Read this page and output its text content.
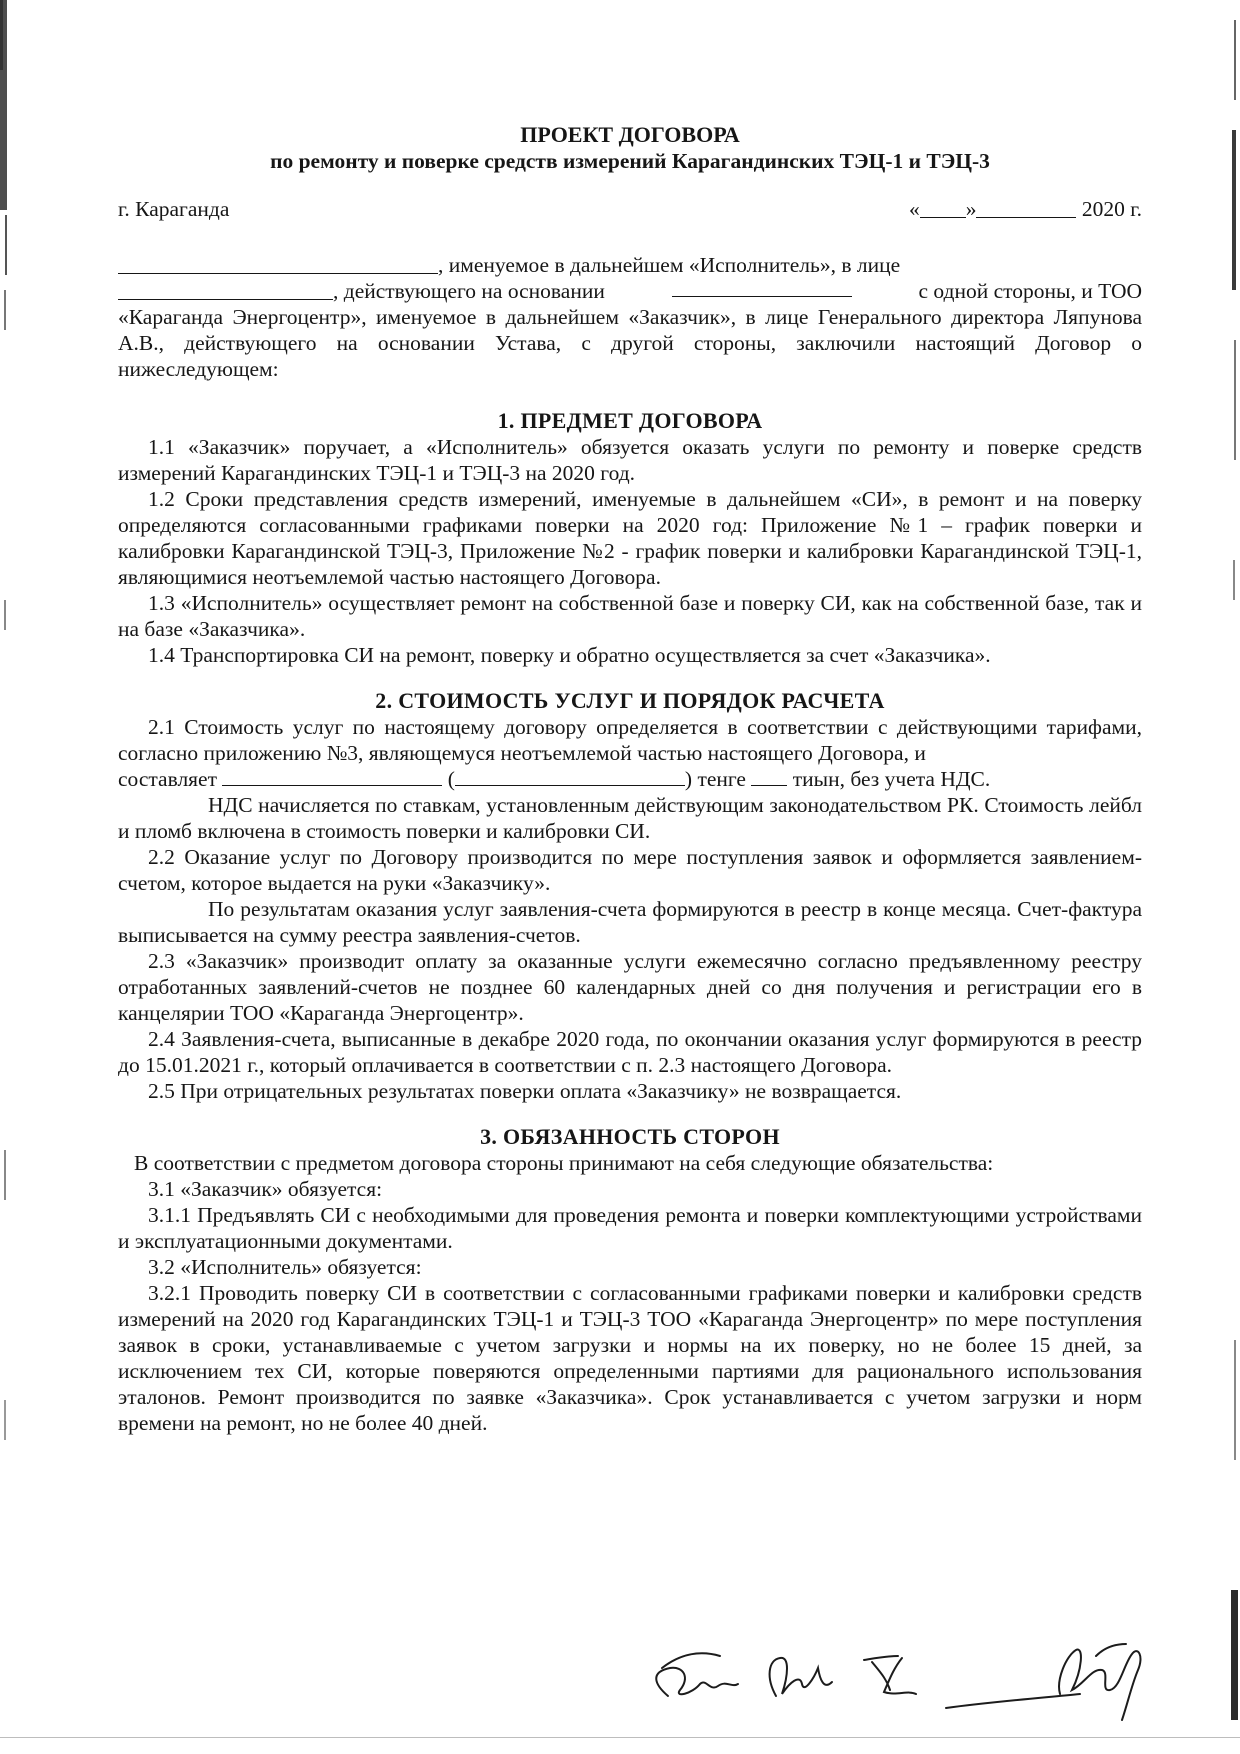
ПРОЕКТ ДОГОВОРА
по ремонту и поверке средств измерений Карагандинских ТЭЦ-1 и ТЭЦ-3
г. Караганда	« »	2020 г.

, именуемое в дальнейшем «Исполнитель», в лице

, действующего на основании	с одной стороны, и ТОО

«Караганда Энергоцентр», именуемое в дальнейшем «Заказчик», в лице Генерального директора Ляпунова А.В., действующего на основании Устава, с другой стороны, заключили настоящий Договор о нижеследующем:

1. ПРЕДМЕТ ДОГОВОРА

1.1 «Заказчик» поручает, а «Исполнитель» обязуется оказать услуги по ремонту и поверке средств измерений Карагандинских ТЭЦ-1 и ТЭЦ-3 на 2020 год.

1.2 Сроки представления средств измерений, именуемые в дальнейшем «СИ», в ремонт и на поверку определяются согласованными графиками поверки на 2020 год: Приложение №1 – график поверки и калибровки Карагандинской ТЭЦ-3, Приложение №2 - график поверки и калибровки Карагандинской ТЭЦ-1, являющимися неотъемлемой частью настоящего Договора.

1.3 «Исполнитель» осуществляет ремонт на собственной базе и поверку СИ, как на собственной базе, так и на базе «Заказчика».

1.4 Транспортировка СИ на ремонт, поверку и обратно осуществляется за счет «Заказчика».

2. СТОИМОСТЬ УСЛУГ И ПОРЯДОК РАСЧЕТА

2.1 Стоимость услуг по настоящему договору определяется в соответствии с действующими тарифами, согласно приложению №3, являющемуся неотъемлемой частью настоящего Договора, и

составляет

	(	) тенге

тиын, без учета НДС.

НДС начисляется по ставкам, установленным действующим законодательством РК. Стоимость лейбл и пломб включена в стоимость поверки и калибровки СИ.

2.2 Оказание услуг по Договору производится по мере поступления заявок и оформляется заявлением-счетом, которое выдается на руки «Заказчику».

По результатам оказания услуг заявления-счета формируются в реестр в конце месяца. Счет-фактура выписывается на сумму реестра заявления-счетов.

2.3 «Заказчик» производит оплату за оказанные услуги ежемесячно согласно предъявленному реестру отработанных заявлений-счетов не позднее 60 календарных дней со дня получения и регистрации его в канцелярии ТОО «Караганда Энергоцентр».

2.4 Заявления-счета, выписанные в декабре 2020 года, по окончании оказания услуг формируются в реестр до 15.01.2021 г., который оплачивается в соответствии с п. 2.3 настоящего Договора.

2.5 При отрицательных результатах поверки оплата «Заказчику» не возвращается.

3. ОБЯЗАННОСТЬ СТОРОН

В соответствии с предметом договора стороны принимают на себя следующие обязательства:

3.1 «Заказчик» обязуется:

3.1.1 Предъявлять СИ с необходимыми для проведения ремонта и поверки комплектующими устройствами и эксплуатационными документами.

3.2 «Исполнитель» обязуется:

3.2.1 Проводить поверку СИ в соответствии с согласованными графиками поверки и калибровки средств измерений на 2020 год Карагандинских ТЭЦ-1 и ТЭЦ-3 ТОО «Караганда Энергоцентр» по мере поступления заявок в сроки, устанавливаемые с учетом загрузки и нормы на их поверку, но не более 15 дней, за исключением тех СИ, которые поверяются определенными партиями для рационального использования эталонов. Ремонт производится по заявке «Заказчика». Срок устанавливается с учетом загрузки и норм времени на ремонт, но не более 40 дней.
